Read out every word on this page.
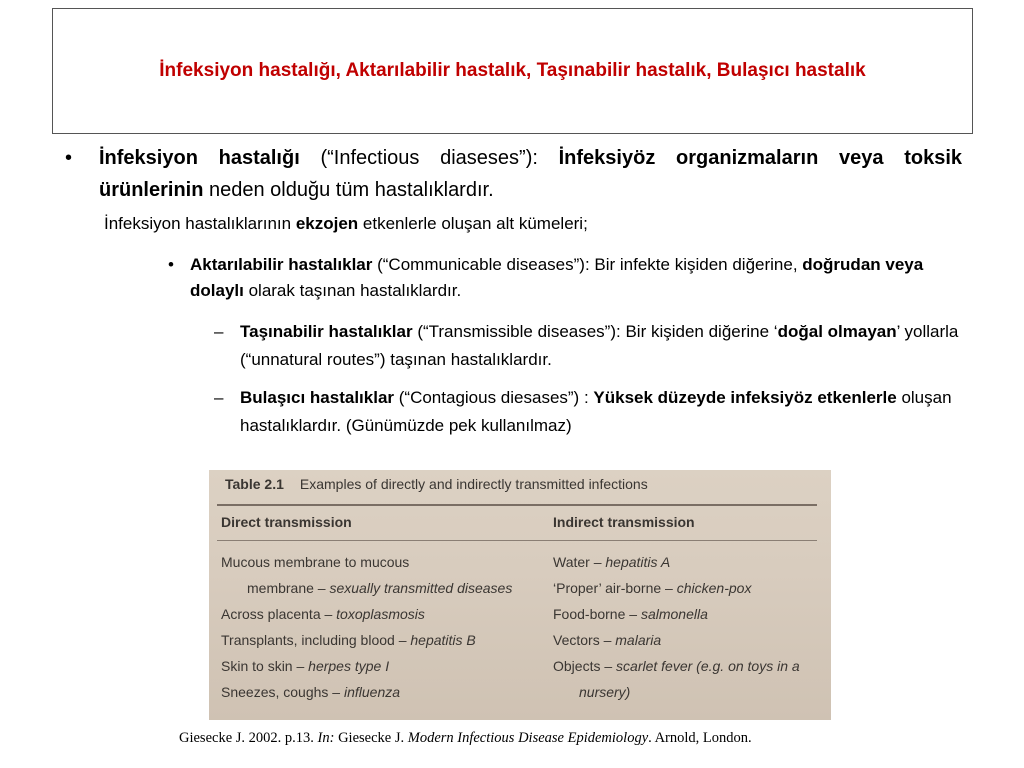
İnfeksiyon hastalığı, Aktarılabilir hastalık, Taşınabilir hastalık, Bulaşıcı hastalık
• İnfeksiyon hastalığı (“Infectious diaseses”): İnfeksiyöz organizmaların veya toksik ürünlerinin neden olduğu tüm hastalıklardır.
İnfeksiyon hastalıklarının ekzojen etkenlerle oluşan alt kümeleri;
• Aktarılabilir hastalıklar (“Communicable diseases”): Bir infekte kişiden diğerine, doğrudan veya dolaylı olarak taşınan hastalıklardır.
– Taşınabilir hastalıklar (“Transmissible diseases”): Bir kişiden diğerine ‘doğal olmayan’ yollarla (“unnatural routes”) taşınan hastalıklardır.
– Bulaşıcı hastalıklar (“Contagious diesases”) : Yüksek düzeyde infeksiyöz etkenlerle oluşan hastalıklardır. (Günümüzde pek kullanılmaz)
Table 2.1 Examples of directly and indirectly transmitted infections
Direct transmission	Indirect transmission
Mucous membrane to mucous
membrane – sexually transmitted diseases
Across placenta – toxoplasmosis
Transplants, including blood – hepatitis B
Skin to skin – herpes type I
Sneezes, coughs – influenza
Water – hepatitis A
‘Proper’ air-borne – chicken-pox
Food-borne – salmonella
Vectors – malaria
Objects – scarlet fever (e.g. on toys in a
nursery)
Giesecke J. 2002. p.13. In: Giesecke J. Modern Infectious Disease Epidemiology. Arnold, London.
